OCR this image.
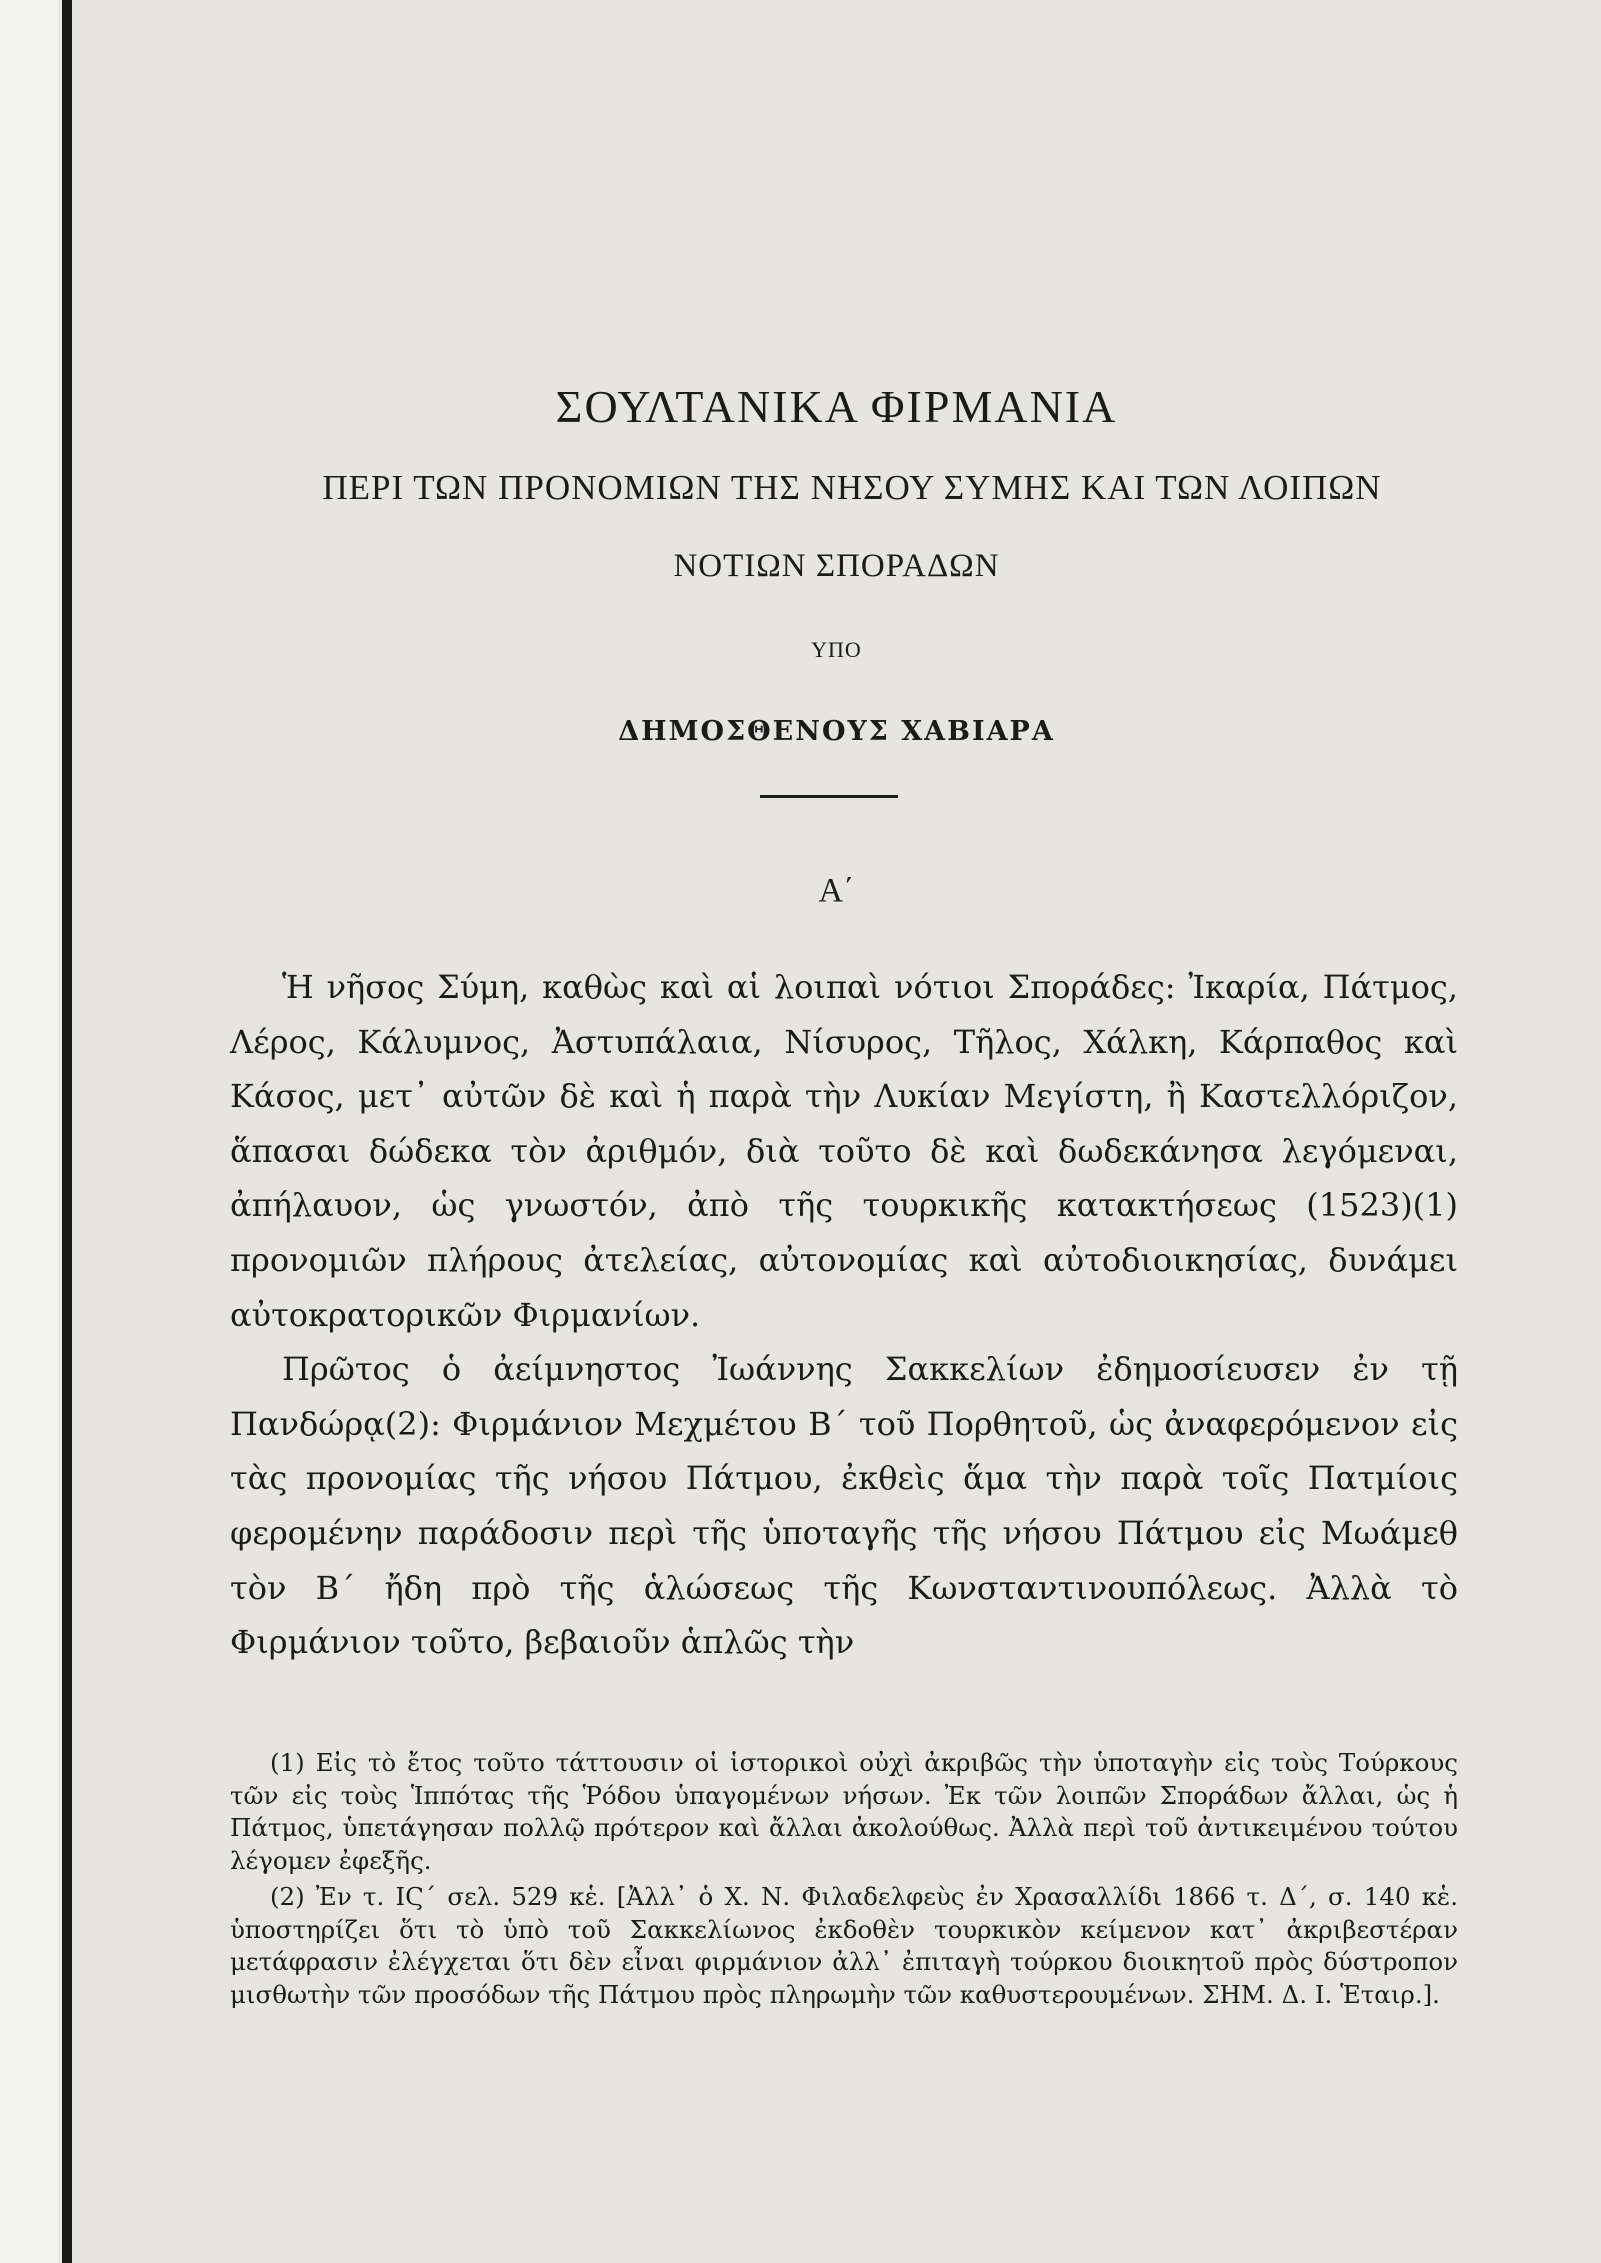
ΣΟΥΛΤΑΝΙΚΑ ΦΙΡΜΑΝΙΑ
ΠΕΡΙ ΤΩΝ ΠΡΟΝΟΜΙΩΝ ΤΗΣ ΝΗΣΟΥ ΣΥΜΗΣ ΚΑΙ ΤΩΝ ΛΟΙΠΩΝ
ΝΟΤΙΩΝ ΣΠΟΡΑΔΩΝ
ΥΠΟ
ΔΗΜΟΣΘΕΝΟΥΣ ΧΑΒΙΑΡΑ
Α΄

Ἡ νῆσος Σύμη, καθὼς καὶ αἱ λοιπαὶ νότιοι Σποράδες: Ἰκαρία, Πάτμος, Λέρος, Κάλυμνος, Ἀστυπάλαια, Νίσυρος, Τῆλος, Χάλκη, Κάρπαθος καὶ Κάσος, μετ᾿ αὐτῶν δὲ καὶ ἡ παρὰ τὴν Λυκίαν Μεγίστη, ἢ Καστελλόριζον, ἅπασαι δώδεκα τὸν ἀριθμόν, διὰ τοῦτο δὲ καὶ δωδεκάνησα λεγόμεναι, ἀπήλαυον, ὡς γνωστόν, ἀπὸ τῆς τουρκικῆς κατακτήσεως (1523)(1) προνομιῶν πλήρους ἀτελείας, αὐτονομίας καὶ αὐτοδιοικησίας, δυνάμει αὐτοκρατορικῶν Φιρμανίων.

Πρῶτος ὁ ἀείμνηστος Ἰωάννης Σακκελίων ἐδημοσίευσεν ἐν τῇ Πανδώρᾳ(2): Φιρμάνιον Μεχμέτου Β΄ τοῦ Πορθητοῦ, ὡς ἀναφερόμενον εἰς τὰς προνομίας τῆς νήσου Πάτμου, ἐκθεὶς ἅμα τὴν παρὰ τοῖς Πατμίοις φερομένην παράδοσιν περὶ τῆς ὑποταγῆς τῆς νήσου Πάτμου εἰς Μωάμεθ τὸν Β΄ ἤδη πρὸ τῆς ἁλώσεως τῆς Κωνσταντινουπόλεως. Ἀλλὰ τὸ Φιρμάνιον τοῦτο, βεβαιοῦν ἁπλῶς τὴν

(1) Εἰς τὸ ἔτος τοῦτο τάττουσιν οἱ ἱστορικοὶ οὐχὶ ἀκριβῶς τὴν ὑποταγὴν εἰς τοὺς Τούρκους τῶν εἰς τοὺς Ἱππότας τῆς Ῥόδου ὑπαγομένων νήσων. Ἐκ τῶν λοιπῶν Σποράδων ἄλλαι, ὡς ἡ Πάτμος, ὑπετάγησαν πολλῷ πρότερον καὶ ἄλλαι ἀκολούθως. Ἀλλὰ περὶ τοῦ ἀντικειμένου τούτου λέγομεν ἐφεξῆς.

(2) Ἐν τ. ΙϚ΄ σελ. 529 κἑ. [Ἀλλ᾿ ὁ Χ. Ν. Φιλαδελφεὺς ἐν Χρασαλλίδι 1866 τ. Δ΄, σ. 140 κἑ. ὑποστηρίζει ὅτι τὸ ὑπὸ τοῦ Σακκελίωνος ἐκδοθὲν τουρκικὸν κείμενον κατ᾿ ἀκριβεστέραν μετάφρασιν ἐλέγχεται ὅτι δὲν εἶναι φιρμάνιον ἀλλ᾿ ἐπιταγὴ τούρκου διοικητοῦ πρὸς δύστροπον μισθωτὴν τῶν προσόδων τῆς Πάτμου πρὸς πληρωμὴν τῶν καθυστερουμένων. ΣΗΜ. Δ. Ι. Ἑταιρ.].
